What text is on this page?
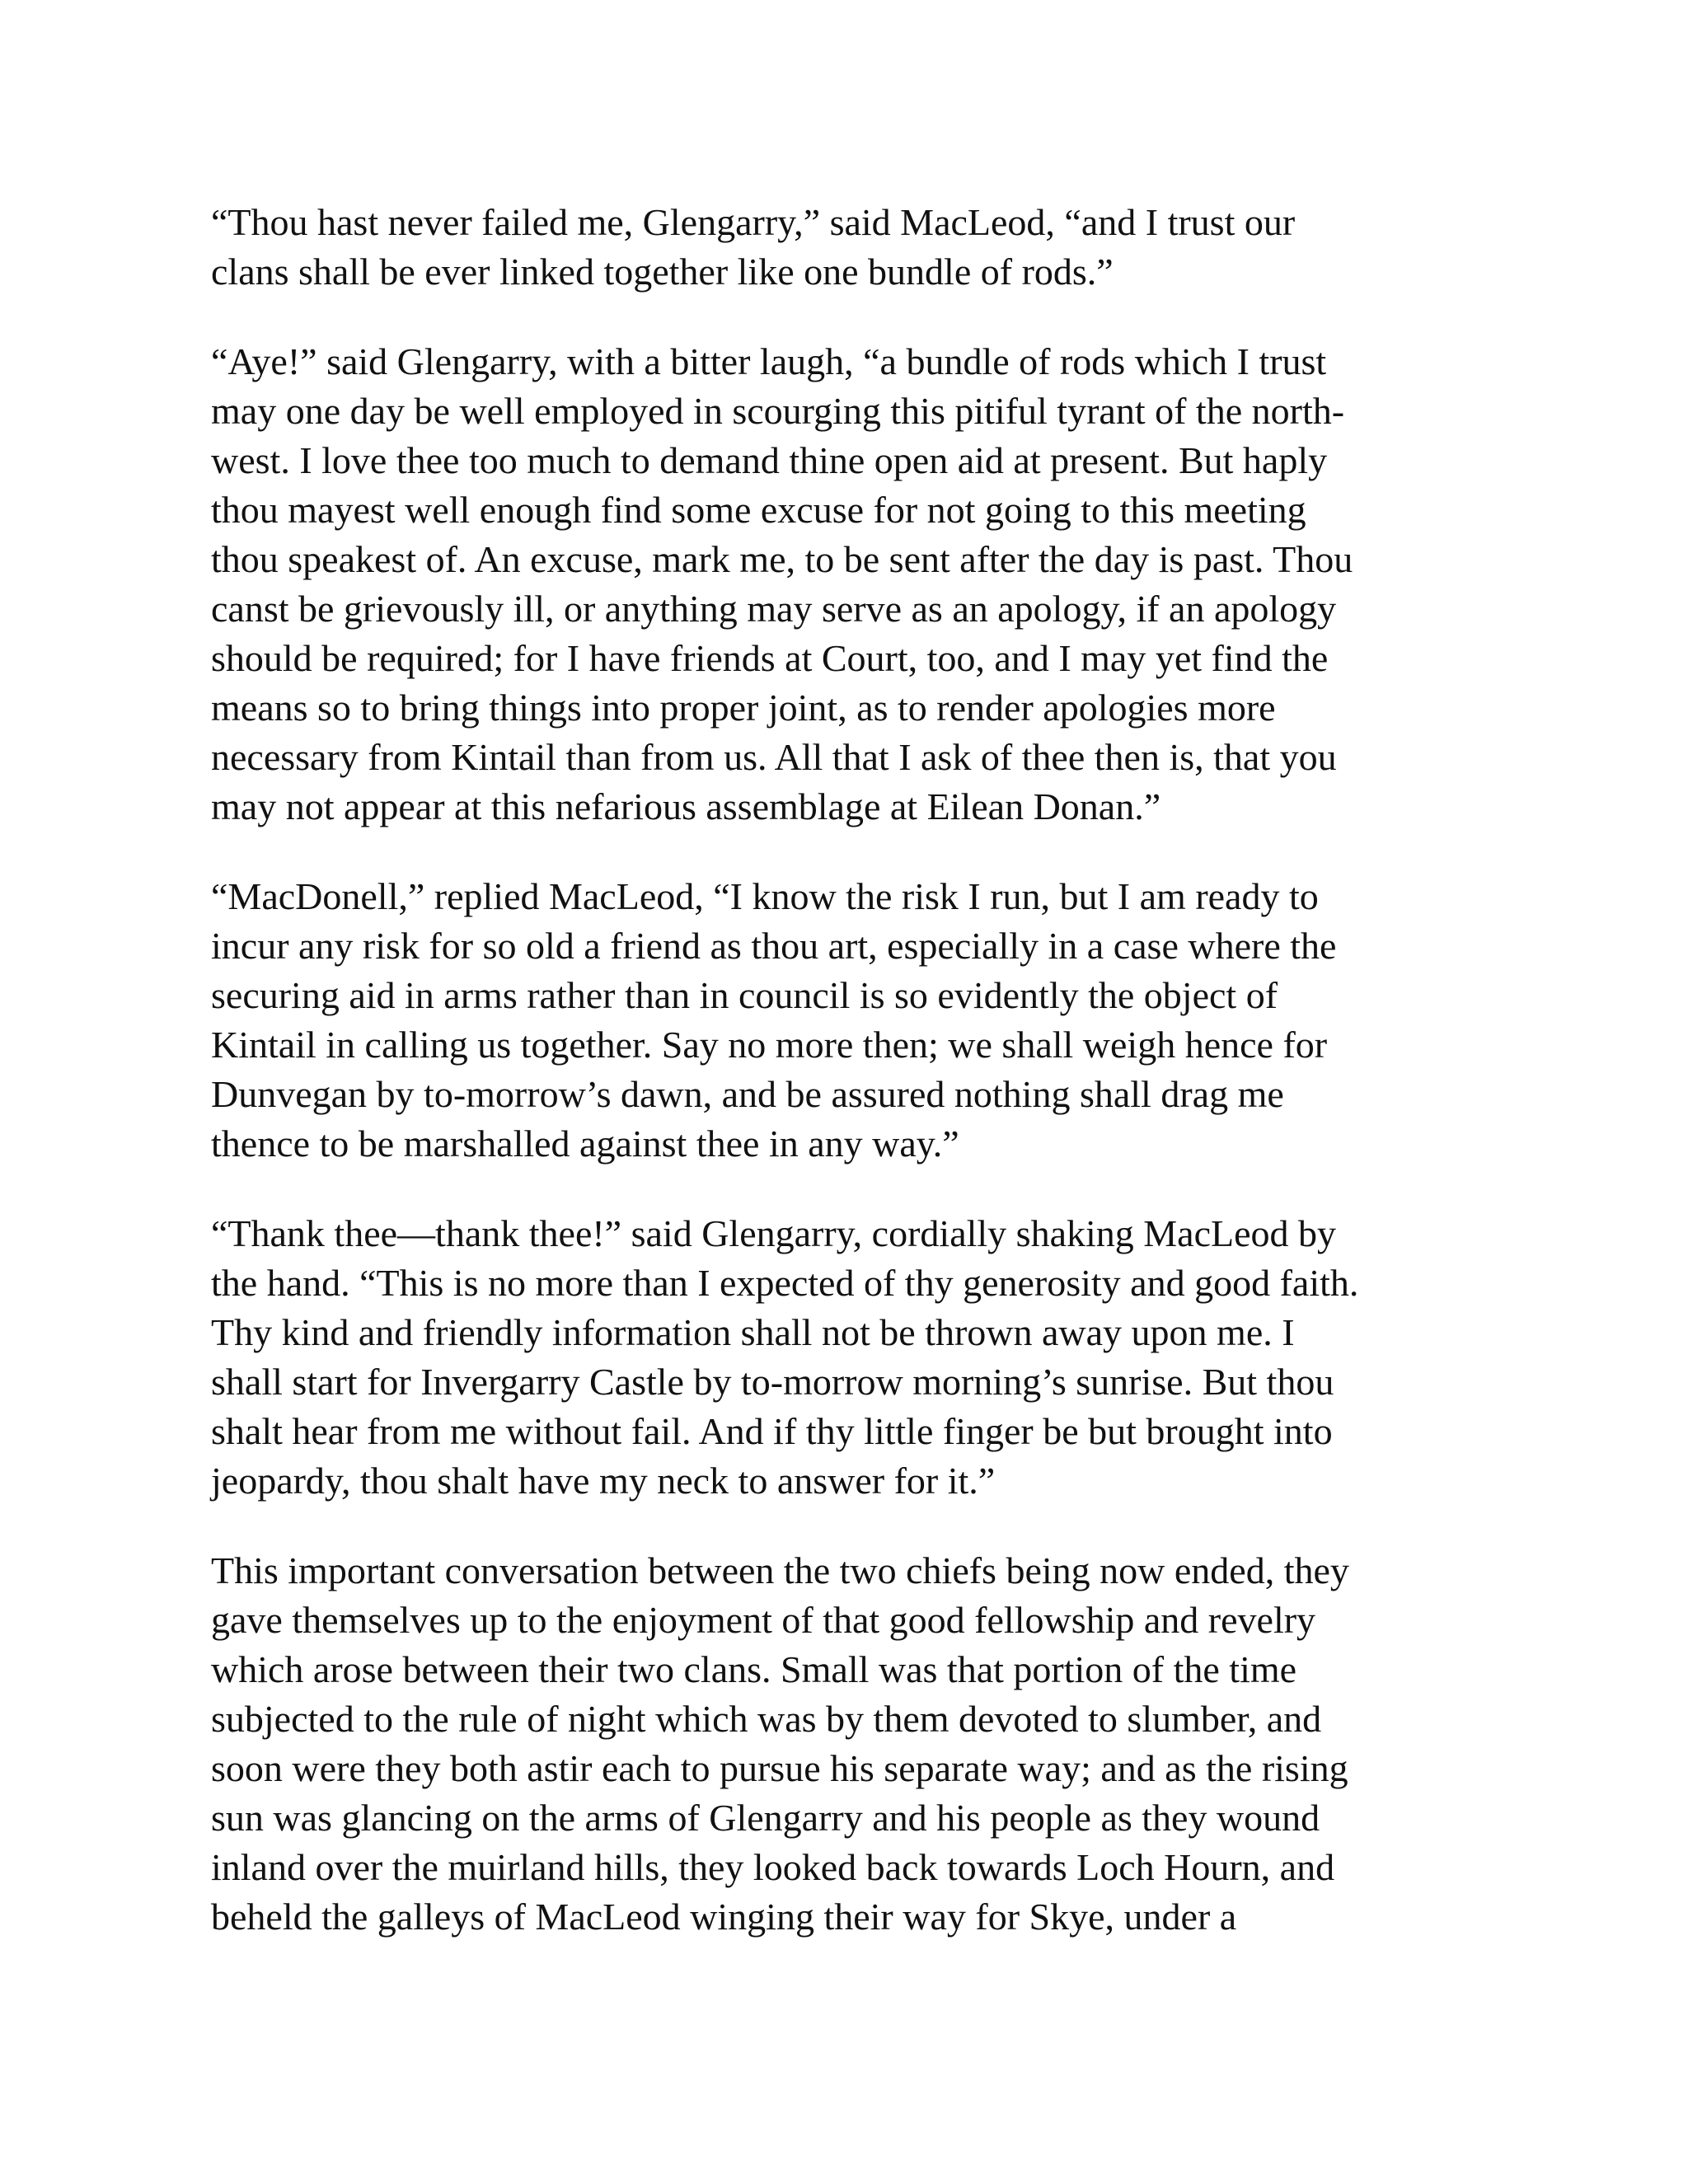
“Thou hast never failed me, Glengarry,” said MacLeod, “and I trust our
clans shall be ever linked together like one bundle of rods.”

“Aye!” said Glengarry, with a bitter laugh, “a bundle of rods which I trust
may one day be well employed in scourging this pitiful tyrant of the north-
west. I love thee too much to demand thine open aid at present. But haply
thou mayest well enough find some excuse for not going to this meeting
thou speakest of. An excuse, mark me, to be sent after the day is past. Thou
canst be grievously ill, or anything may serve as an apology, if an apology
should be required; for I have friends at Court, too, and I may yet find the
means so to bring things into proper joint, as to render apologies more
necessary from Kintail than from us. All that I ask of thee then is, that you
may not appear at this nefarious assemblage at Eilean Donan.”

“MacDonell,” replied MacLeod, “I know the risk I run, but I am ready to
incur any risk for so old a friend as thou art, especially in a case where the
securing aid in arms rather than in council is so evidently the object of
Kintail in calling us together. Say no more then; we shall weigh hence for
Dunvegan by to-morrow’s dawn, and be assured nothing shall drag me
thence to be marshalled against thee in any way.”

“Thank thee—thank thee!” said Glengarry, cordially shaking MacLeod by
the hand. “This is no more than I expected of thy generosity and good faith.
Thy kind and friendly information shall not be thrown away upon me. I
shall start for Invergarry Castle by to-morrow morning’s sunrise. But thou
shalt hear from me without fail. And if thy little finger be but brought into
jeopardy, thou shalt have my neck to answer for it.”

This important conversation between the two chiefs being now ended, they
gave themselves up to the enjoyment of that good fellowship and revelry
which arose between their two clans. Small was that portion of the time
subjected to the rule of night which was by them devoted to slumber, and
soon were they both astir each to pursue his separate way; and as the rising
sun was glancing on the arms of Glengarry and his people as they wound
inland over the muirland hills, they looked back towards Loch Hourn, and
beheld the galleys of MacLeod winging their way for Skye, under a
